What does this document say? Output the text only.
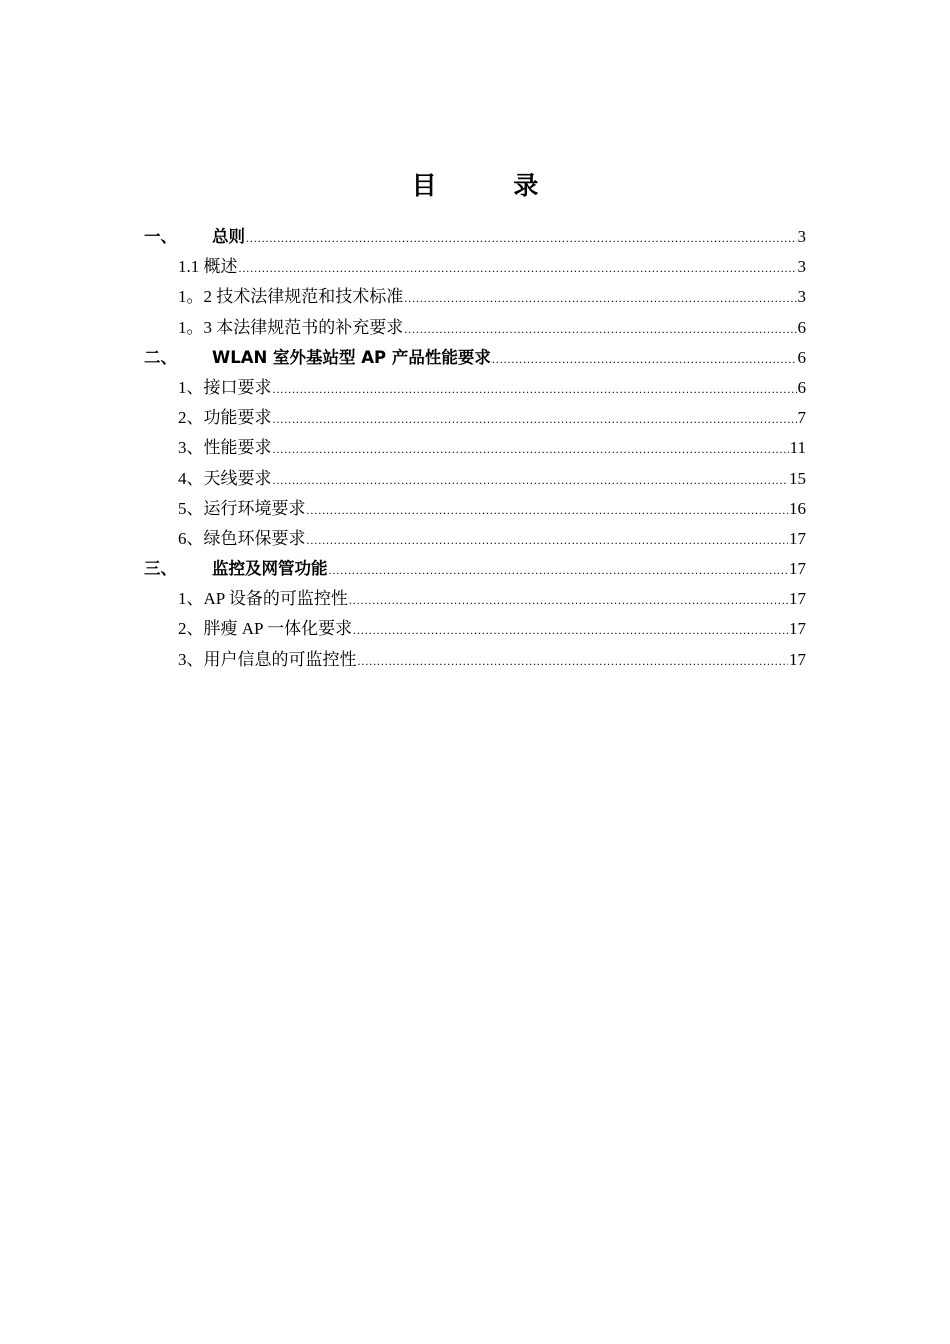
目 录
一、	总则 .....	3
1.1 概述 .....	3
1。2 技术法律规范和技术标准 .....	3
1。3 本法律规范书的补充要求 .....	6
二、	WLAN 室外基站型 AP 产品性能要求 .....	6
1、接口要求 .....	6
2、功能要求 .....	7
3、性能要求 .....	11
4、天线要求 .....	15
5、运行环境要求 .....	16
6、绿色环保要求 .....	17
三、	监控及网管功能 .....	17
1、AP 设备的可监控性 .....	17
2、胖瘦 AP 一体化要求 .....	17
3、用户信息的可监控性 .....	17
